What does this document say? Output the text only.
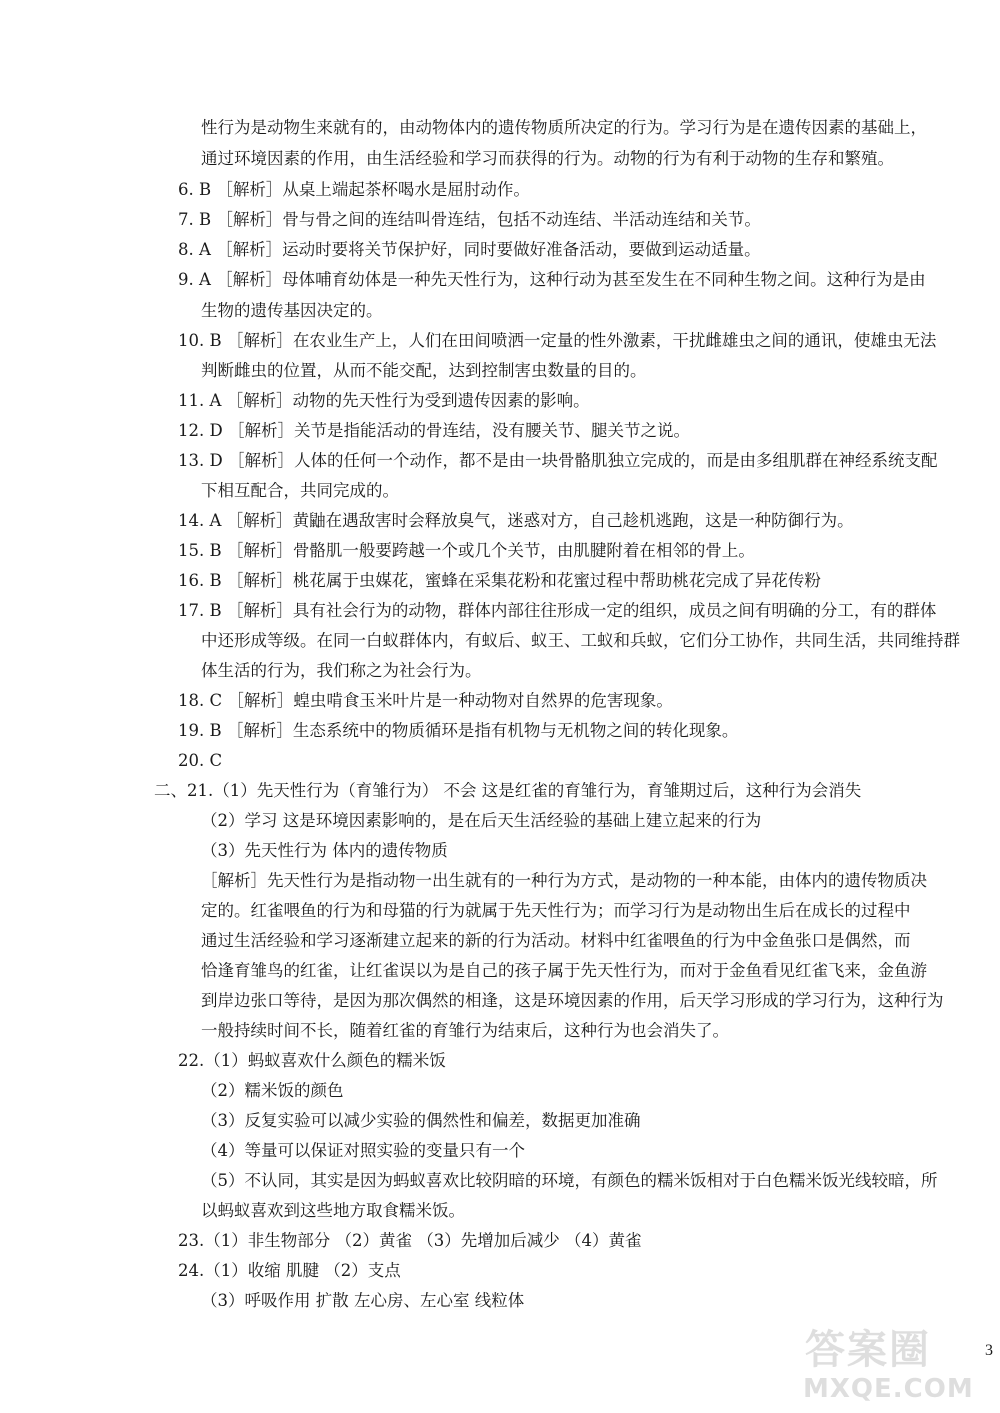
性行为是动物生来就有的，由动物体内的遗传物质所决定的行为。学习行为是在遗传因素的基础上，
通过环境因素的作用，由生活经验和学习而获得的行为。动物的行为有利于动物的生存和繁殖。
6. B ［解析］从桌上端起茶杯喝水是屈肘动作。
7. B ［解析］骨与骨之间的连结叫骨连结，包括不动连结、半活动连结和关节。
8. A ［解析］运动时要将关节保护好，同时要做好准备活动，要做到运动适量。
9. A ［解析］母体哺育幼体是一种先天性行为，这种行动为甚至发生在不同种生物之间。这种行为是由
生物的遗传基因决定的。
10. B ［解析］在农业生产上，人们在田间喷洒一定量的性外激素，干扰雌雄虫之间的通讯，使雄虫无法
判断雌虫的位置，从而不能交配，达到控制害虫数量的目的。
11. A ［解析］动物的先天性行为受到遗传因素的影响。
12. D ［解析］关节是指能活动的骨连结，没有腰关节、腿关节之说。
13. D ［解析］人体的任何一个动作，都不是由一块骨骼肌独立完成的，而是由多组肌群在神经系统支配
下相互配合，共同完成的。
14. A ［解析］黄鼬在遇敌害时会释放臭气，迷惑对方，自己趁机逃跑，这是一种防御行为。
15. B ［解析］骨骼肌一般要跨越一个或几个关节，由肌腱附着在相邻的骨上。
16. B ［解析］桃花属于虫媒花，蜜蜂在采集花粉和花蜜过程中帮助桃花完成了异花传粉
17. B ［解析］具有社会行为的动物，群体内部往往形成一定的组织，成员之间有明确的分工，有的群体
中还形成等级。在同一白蚁群体内，有蚁后、蚁王、工蚁和兵蚁，它们分工协作，共同生活，共同维持群
体生活的行为，我们称之为社会行为。
18. C ［解析］蝗虫啃食玉米叶片是一种动物对自然界的危害现象。
19. B ［解析］生态系统中的物质循环是指有机物与无机物之间的转化现象。
20. C
二、21.（1）先天性行为（育雏行为） 不会 这是红雀的育雏行为，育雏期过后，这种行为会消失
（2）学习 这是环境因素影响的，是在后天生活经验的基础上建立起来的行为
（3）先天性行为 体内的遗传物质
［解析］先天性行为是指动物一出生就有的一种行为方式，是动物的一种本能，由体内的遗传物质决
定的。红雀喂鱼的行为和母猫的行为就属于先天性行为；而学习行为是动物出生后在成长的过程中
通过生活经验和学习逐渐建立起来的新的行为活动。材料中红雀喂鱼的行为中金鱼张口是偶然，而
恰逢育雏鸟的红雀，让红雀误以为是自己的孩子属于先天性行为，而对于金鱼看见红雀飞来，金鱼游
到岸边张口等待，是因为那次偶然的相逢，这是环境因素的作用，后天学习形成的学习行为，这种行为
一般持续时间不长，随着红雀的育雏行为结束后，这种行为也会消失了。
22.（1）蚂蚁喜欢什么颜色的糯米饭
（2）糯米饭的颜色
（3）反复实验可以减少实验的偶然性和偏差，数据更加准确
（4）等量可以保证对照实验的变量只有一个
（5）不认同，其实是因为蚂蚁喜欢比较阴暗的环境，有颜色的糯米饭相对于白色糯米饭光线较暗，所
以蚂蚁喜欢到这些地方取食糯米饭。
23.（1）非生物部分 （2）黄雀 （3）先增加后减少 （4）黄雀
24.（1）收缩 肌腱 （2）支点
（3）呼吸作用 扩散 左心房、左心室 线粒体
3
答案圈
MXQE.COM
